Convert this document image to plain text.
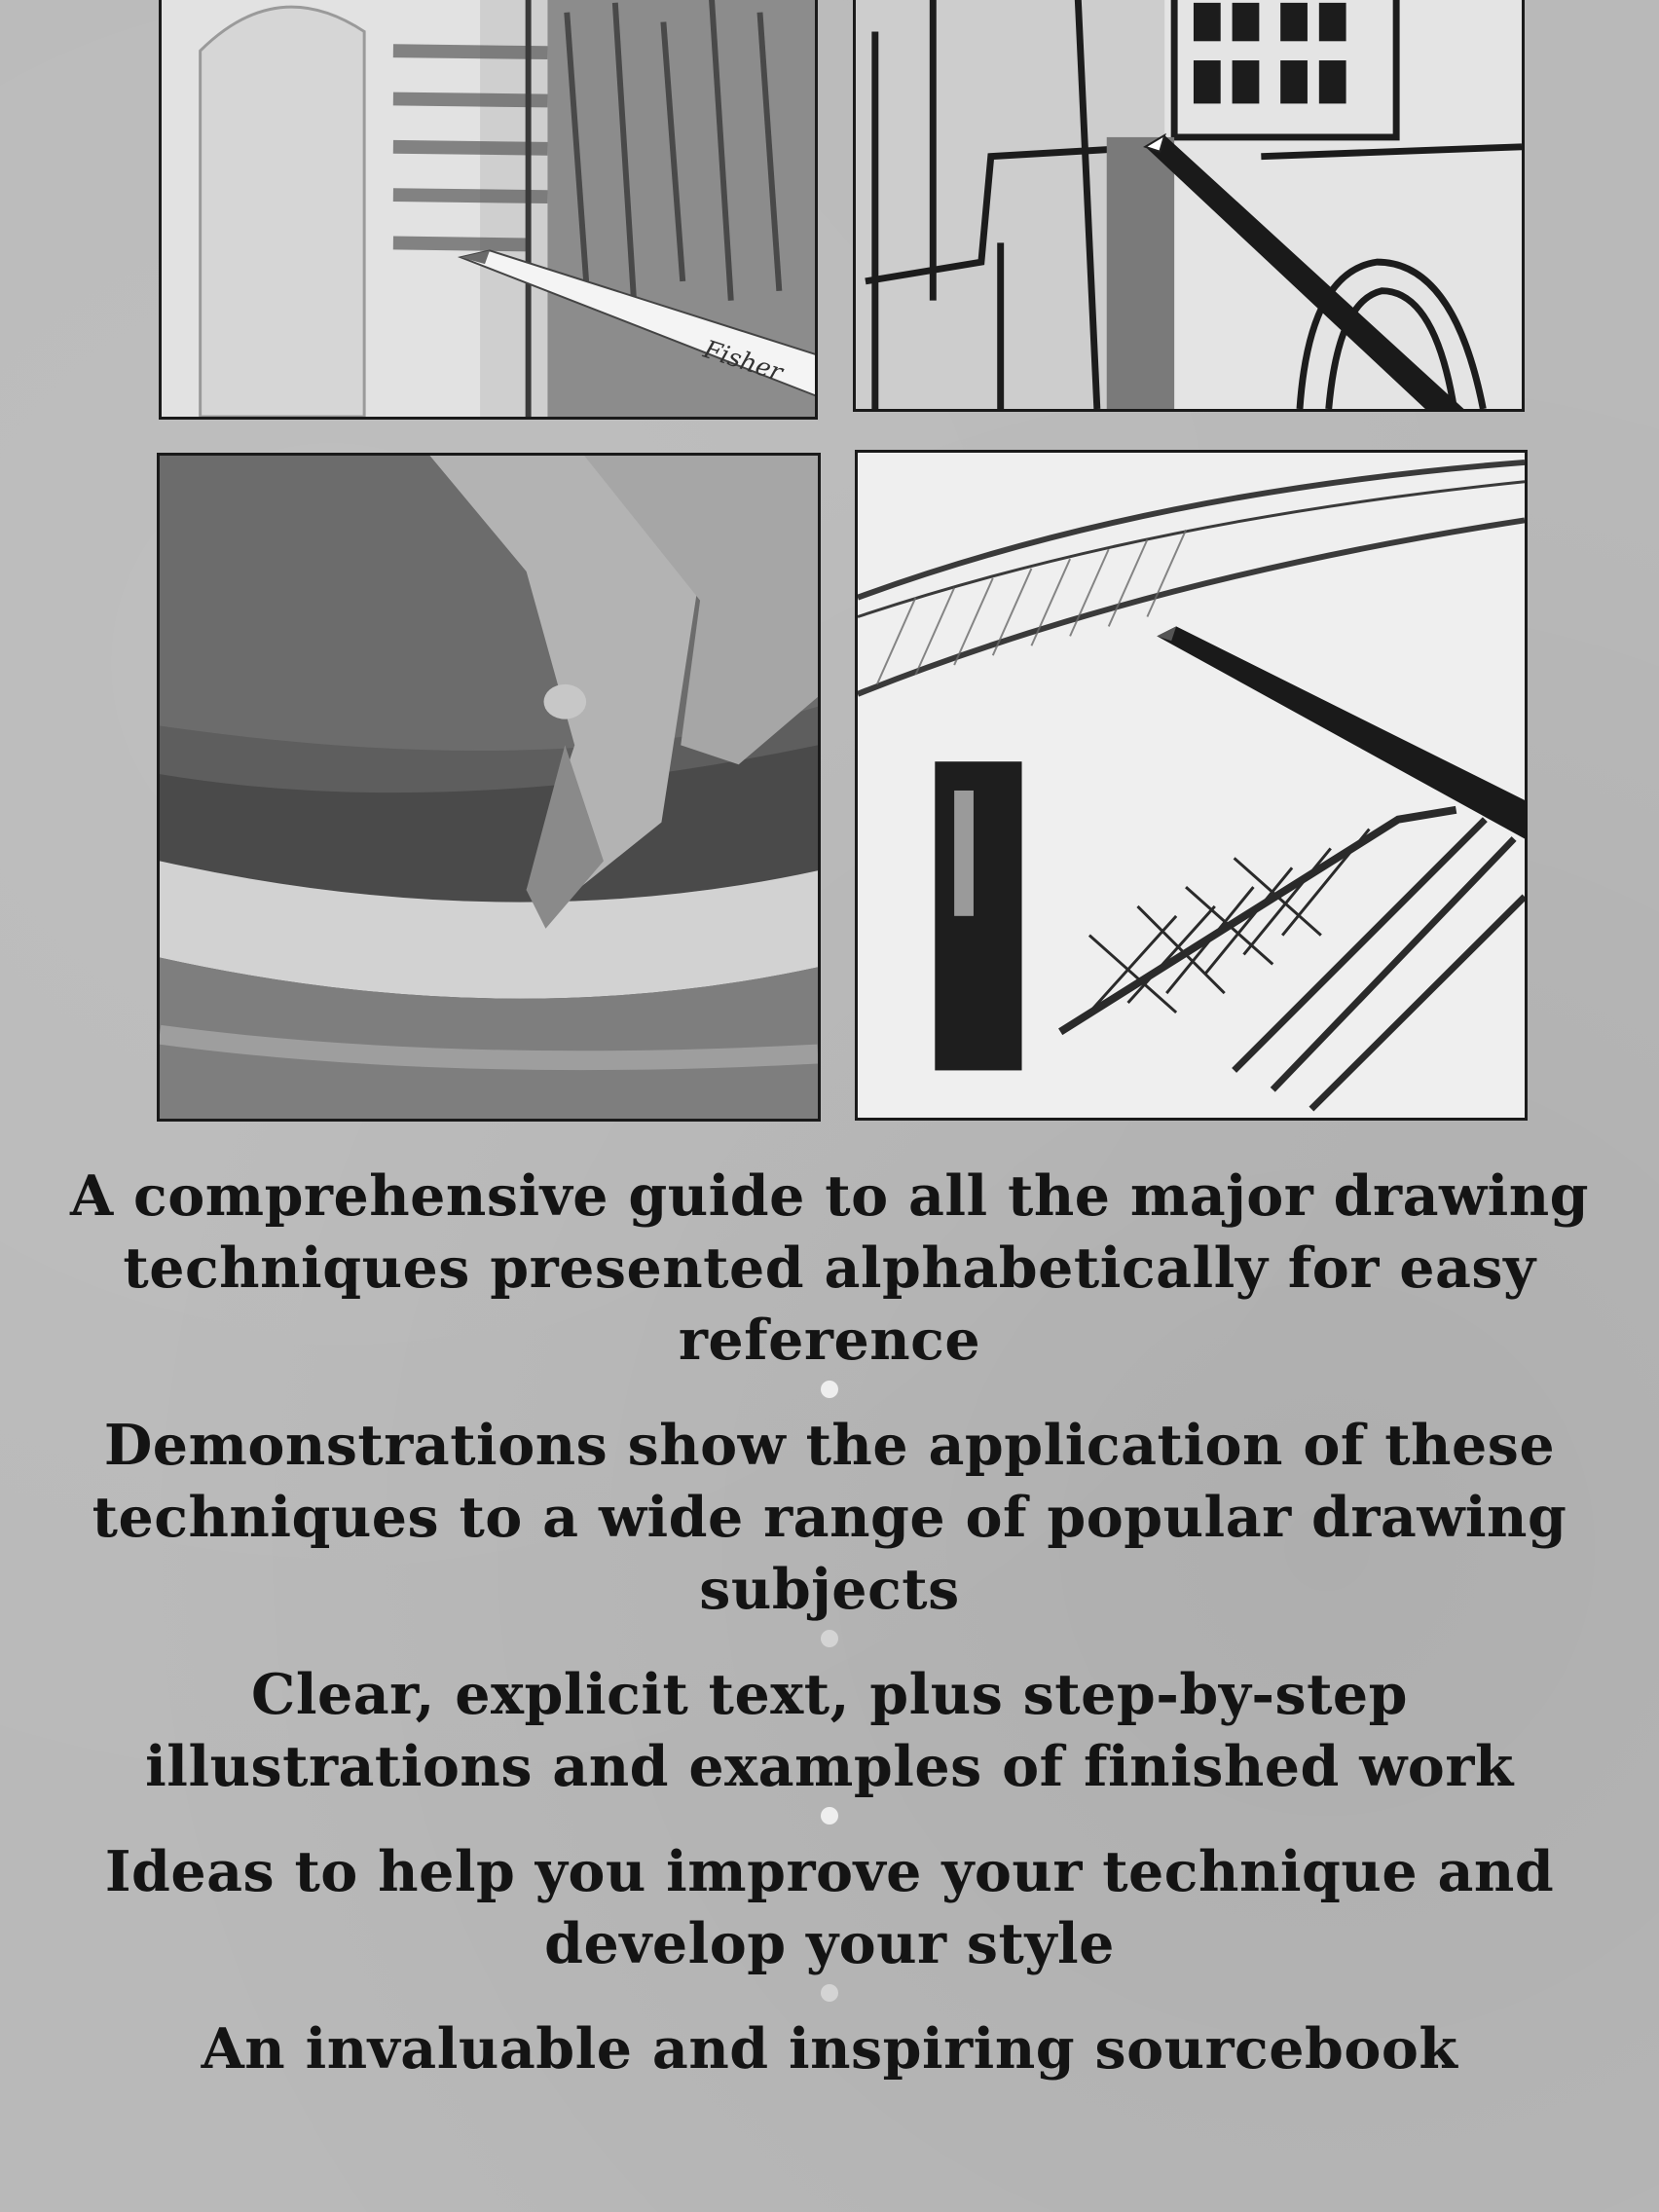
Fisher

A comprehensive guide to all the major drawing techniques presented alphabetically for easy reference

Demonstrations show the application of these techniques to a wide range of popular drawing subjects

Clear, explicit text, plus step-by-step illustrations and examples of finished work

Ideas to help you improve your technique and develop your style

An invaluable and inspiring sourcebook
